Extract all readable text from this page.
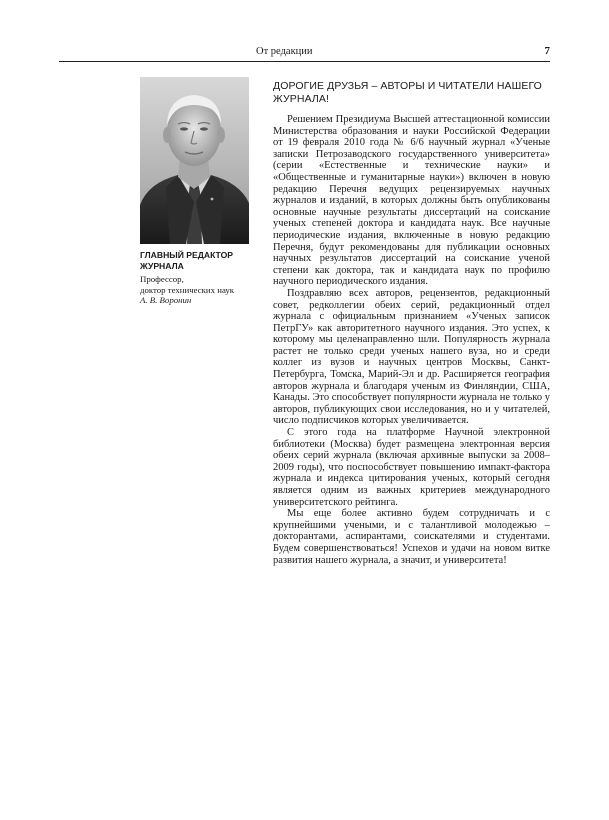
От редакции	7
ГЛАВНЫЙ РЕДАКТОР ЖУРНАЛА
Профессор,
доктор технических наук
А. В. Воронин
ДОРОГИЕ ДРУЗЬЯ – АВТОРЫ И ЧИТАТЕЛИ НАШЕГО ЖУРНАЛА!

Решением Президиума Высшей аттестационной комиссии Министерства образования и науки Российской Федерации от 19 февраля 2010 года № 6/6 научный журнал «Ученые записки Петрозаводского государственного университета» (серии «Естественные и технические науки» и «Общественные и гуманитарные науки») включен в новую редакцию Перечня ведущих рецензируемых научных журналов и изданий, в которых должны быть опубликованы основные научные результаты диссертаций на соискание ученых степеней доктора и кандидата наук. Все научные периодические издания, включенные в новую редакцию Перечня, будут рекомендованы для публикации основных научных результатов диссертаций на соискание ученой степени как доктора, так и кандидата наук по профилю научного периодического издания.

Поздравляю всех авторов, рецензентов, редакционный совет, редколлегии обеих серий, редакционный отдел журнала с официальным признанием «Ученых записок ПетрГУ» как авторитетного научного издания. Это успех, к которому мы целенаправленно шли. Популярность журнала растет не только среди ученых нашего вуза, но и среди коллег из вузов и научных центров Москвы, Санкт-Петербурга, Томска, Марий-Эл и др. Расширяется география авторов журнала и благодаря ученым из Финляндии, США, Канады. Это способствует популярности журнала не только у авторов, публикующих свои исследования, но и у читателей, число подписчиков которых увеличивается.

С этого года на платформе Научной электронной библиотеки (Москва) будет размещена электронная версия обеих серий журнала (включая архивные выпуски за 2008–2009 годы), что поспособствует повышению импакт-фактора журнала и индекса цитирования ученых, который сегодня является одним из важных критериев международного университетского рейтинга.

Мы еще более активно будем сотрудничать и с крупнейшими учеными, и с талантливой молодежью – докторантами, аспирантами, соискателями и студентами. Будем совершенствоваться! Успехов и удачи на новом витке развития нашего журнала, а значит, и университета!
